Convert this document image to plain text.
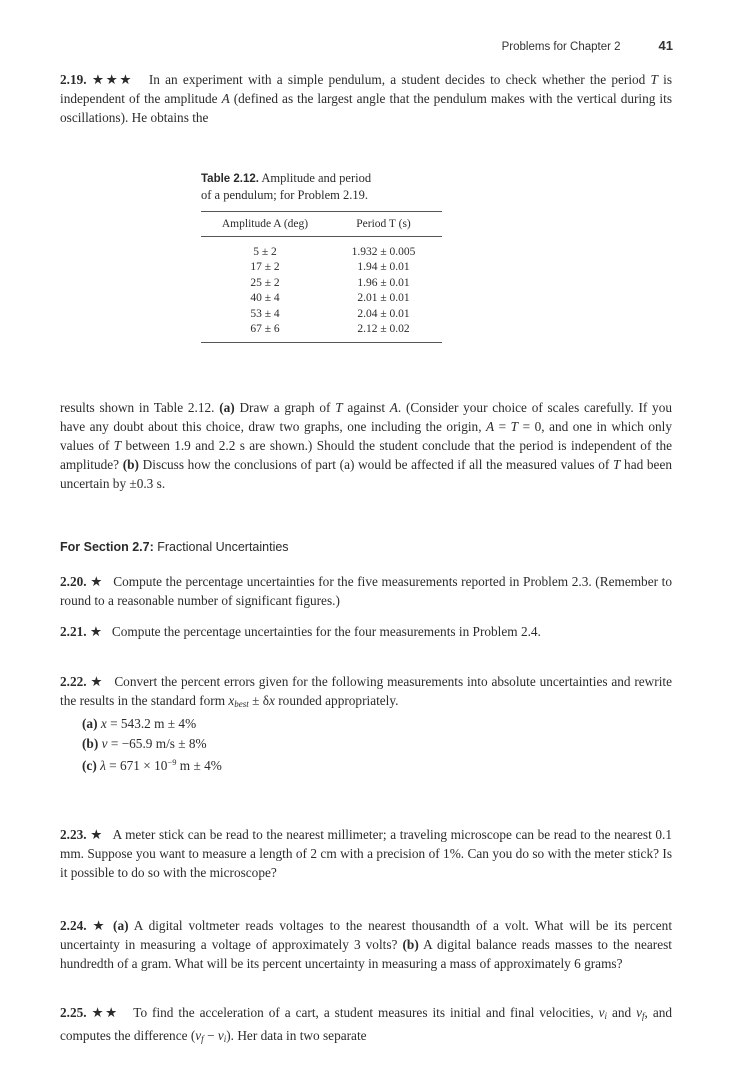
Problems for Chapter 2	41

2.19. ★★★ In an experiment with a simple pendulum, a student decides to check whether the period T is independent of the amplitude A (defined as the largest angle that the pendulum makes with the vertical during its oscillations). He obtains the

Table 2.12. Amplitude and period
of a pendulum; for Problem 2.19.
Amplitude A (deg)	Period T (s)
5 ± 2	1.932 ± 0.005
17 ± 2	1.94 ± 0.01
25 ± 2	1.96 ± 0.01
40 ± 4	2.01 ± 0.01
53 ± 4	2.04 ± 0.01
67 ± 6	2.12 ± 0.02

results shown in Table 2.12. (a) Draw a graph of T against A. (Consider your choice of scales carefully. If you have any doubt about this choice, draw two graphs, one including the origin, A = T = 0, and one in which only values of T between 1.9 and 2.2 s are shown.) Should the student conclude that the period is independent of the amplitude? (b) Discuss how the conclusions of part (a) would be affected if all the measured values of T had been uncertain by ±0.3 s.

For Section 2.7: Fractional Uncertainties

2.20. ★ Compute the percentage uncertainties for the five measurements reported in Problem 2.3. (Remember to round to a reasonable number of significant figures.)

2.21. ★ Compute the percentage uncertainties for the four measurements in Problem 2.4.

2.22. ★ Convert the percent errors given for the following measurements into absolute uncertainties and rewrite the results in the standard form $x_{best} \pm \delta x$ rounded appropriately.

(a) x = 543.2 m ± 4%

(b) v = −65.9 m/s ± 8%

(c) $\lambda = 671 \times 10^{-9}$ m ± 4%

2.23. ★ A meter stick can be read to the nearest millimeter; a traveling microscope can be read to the nearest 0.1 mm. Suppose you want to measure a length of 2 cm with a precision of 1%. Can you do so with the meter stick? Is it possible to do so with the microscope?

2.24. ★ (a) A digital voltmeter reads voltages to the nearest thousandth of a volt. What will be its percent uncertainty in measuring a voltage of approximately 3 volts? (b) A digital balance reads masses to the nearest hundredth of a gram. What will be its percent uncertainty in measuring a mass of approximately 6 grams?

2.25. ★★ To find the acceleration of a cart, a student measures its initial and final velocities, $v_i$ and $v_f$, and computes the difference $(v_f - v_i)$. Her data in two separate
